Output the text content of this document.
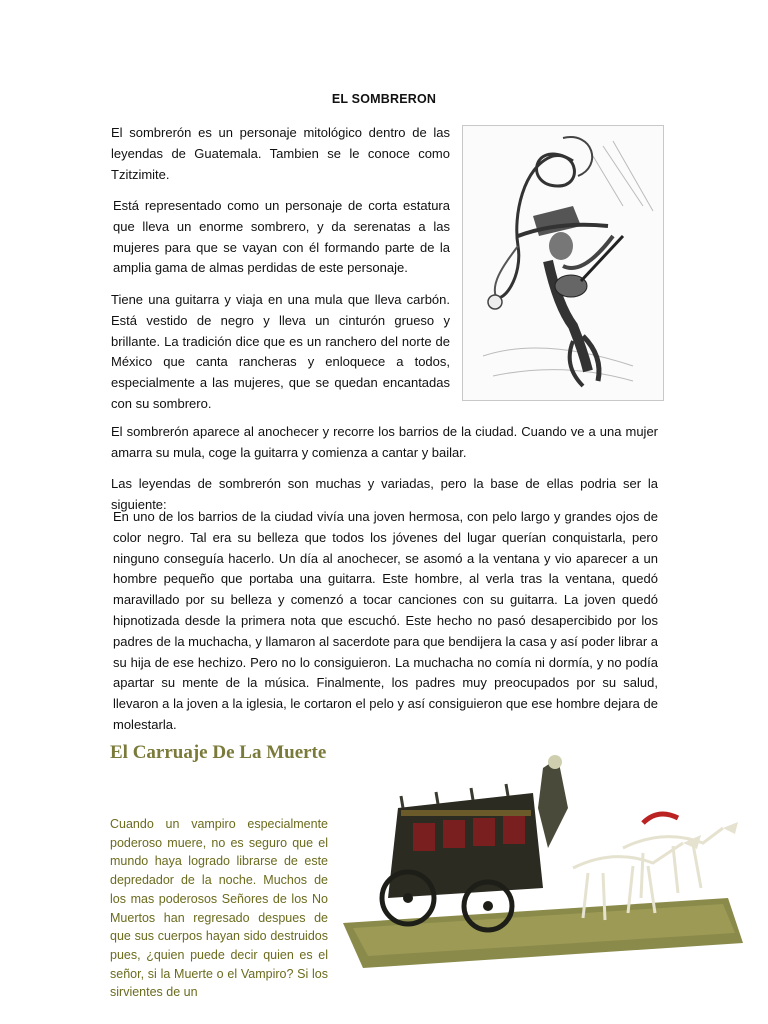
EL SOMBRERON

El sombrerón es un personaje mitológico dentro de las leyendas de Guatemala. Tambien se le conoce como Tzitzimite.

Está representado como un personaje de corta estatura que lleva un enorme sombrero, y da serenatas a las mujeres para que se vayan con él formando parte de la amplia gama de almas perdidas de este personaje.

Tiene una guitarra y viaja en una mula que lleva carbón. Está vestido de negro y lleva un cinturón grueso y brillante. La tradición dice que es un ranchero del norte de México que canta rancheras y enloquece a todos, especialmente a las mujeres, que se quedan encantadas con su sombrero.

El sombrerón aparece al anochecer y recorre los barrios de la ciudad. Cuando ve a una mujer amarra su mula, coge la guitarra y comienza a cantar y bailar.

Las leyendas de sombrerón son muchas y variadas, pero la base de ellas podria ser la siguiente:

En uno de los barrios de la ciudad vivía una joven hermosa, con pelo largo y grandes ojos de color negro. Tal era su belleza que todos los jóvenes del lugar querían conquistarla, pero ninguno conseguía hacerlo. Un día al anochecer, se asomó a la ventana y vio aparecer a un hombre pequeño que portaba una guitarra. Este hombre, al verla tras la ventana, quedó maravillado por su belleza y comenzó a tocar canciones con su guitarra. La joven quedó hipnotizada desde la primera nota que escuchó. Este hecho no pasó desapercibido por los padres de la muchacha, y llamaron al sacerdote para que bendijera la casa y así poder librar a su hija de ese hechizo. Pero no lo consiguieron. La muchacha no comía ni dormía, y no podía apartar su mente de la música. Finalmente, los padres muy preocupados por su salud, llevaron a la joven a la iglesia, le cortaron el pelo y así consiguieron que ese hombre dejara de molestarla.

El Carruaje De La Muerte

Cuando un vampiro especialmente poderoso muere, no es seguro que el mundo haya logrado librarse de este depredador de la noche. Muchos de los mas poderosos Señores de los No Muertos han regresado despues de que sus cuerpos hayan sido destruidos pues, ¿quien puede decir quien es el señor, si la Muerte o el Vampiro? Si los sirvientes de un
